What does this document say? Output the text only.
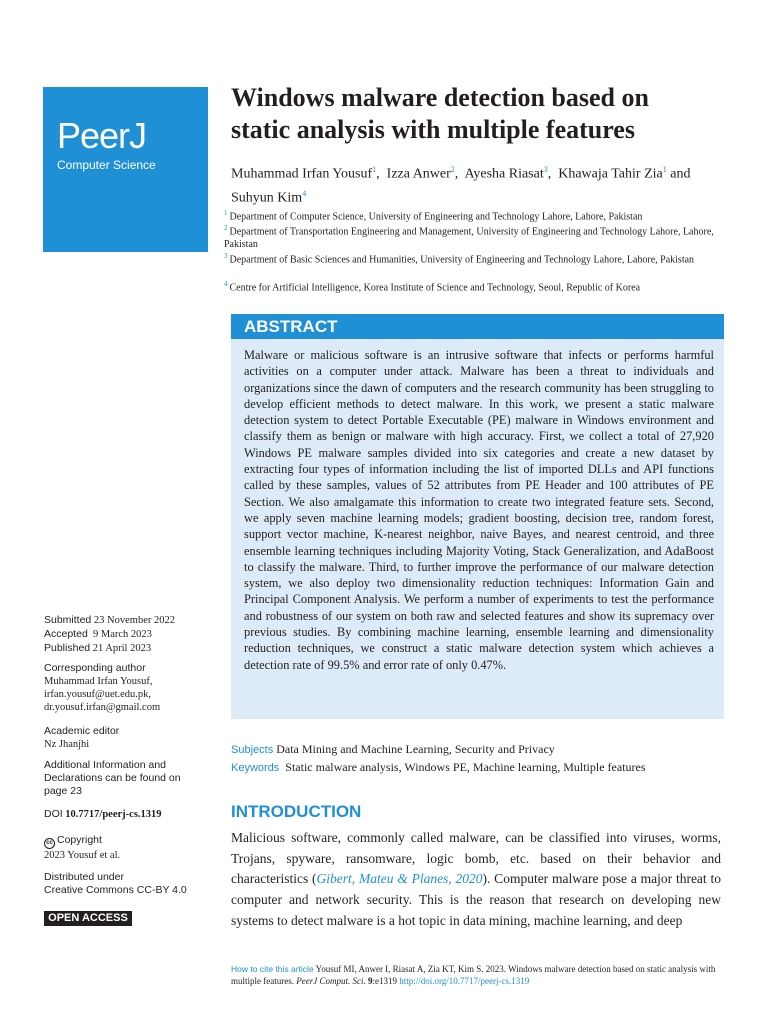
PeerJ
Computer Science
Windows malware detection based on
static analysis with multiple features
Muhammad Irfan Yousuf$^1$,  Izza Anwer$^2$,  Ayesha Riasat$^3$,  Khawaja Tahir Zia$^1$ and
Suhyun Kim$^4$
$^1$ Department of Computer Science, University of Engineering and Technology Lahore, Lahore, Pakistan
$^2$ Department of Transportation Engineering and Management, University of Engineering and Technology Lahore, Lahore, Pakistan
$^3$ Department of Basic Sciences and Humanities, University of Engineering and Technology Lahore, Lahore, Pakistan
$^4$ Centre for Artificial Intelligence, Korea Institute of Science and Technology, Seoul, Republic of Korea
ABSTRACT
Malware or malicious software is an intrusive software that infects or performs harmful activities on a computer under attack. Malware has been a threat to individuals and organizations since the dawn of computers and the research community has been struggling to develop efficient methods to detect malware. In this work, we present a static malware detection system to detect Portable Executable (PE) malware in Windows environment and classify them as benign or malware with high accuracy. First, we collect a total of 27,920 Windows PE malware samples divided into six categories and create a new dataset by extracting four types of information including the list of imported DLLs and API functions called by these samples, values of 52 attributes from PE Header and 100 attributes of PE Section. We also amalgamate this information to create two integrated feature sets. Second, we apply seven machine learning models; gradient boosting, decision tree, random forest, support vector machine, K-nearest neighbor, naive Bayes, and nearest centroid, and three ensemble learning techniques including Majority Voting, Stack Generalization, and AdaBoost to classify the malware. Third, to further improve the performance of our malware detection system, we also deploy two dimensionality reduction techniques: Information Gain and Principal Component Analysis. We perform a number of experiments to test the performance and robustness of our system on both raw and selected features and show its supremacy over previous studies. By combining machine learning, ensemble learning and dimensionality reduction techniques, we construct a static malware detection system which achieves a detection rate of 99.5% and error rate of only 0.47%.
Subjects Data Mining and Machine Learning, Security and Privacy
Keywords Static malware analysis, Windows PE, Machine learning, Multiple features
INTRODUCTION
Malicious software, commonly called malware, can be classified into viruses, worms, Trojans, spyware, ransomware, logic bomb, etc. based on their behavior and characteristics (Gibert, Mateu & Planes, 2020). Computer malware pose a major threat to computer and network security. This is the reason that research on developing new systems to detect malware is a hot topic in data mining, machine learning, and deep
Submitted 23 November 2022
Accepted 9 March 2023
Published 21 April 2023
Corresponding author
Muhammad Irfan Yousuf,
irfan.yousuf@uet.edu.pk,
dr.yousuf.irfan@gmail.com
Academic editor
Nz Jhanjhi
Additional Information and
Declarations can be found on
page 23
DOI 10.7717/peerj-cs.1319
cc Copyright
2023 Yousuf et al.
Distributed under
Creative Commons CC-BY 4.0
OPEN ACCESS
How to cite this article Yousuf MI, Anwer I, Riasat A, Zia KT, Kim S. 2023. Windows malware detection based on static analysis with multiple features. PeerJ Comput. Sci. 9:e1319 http://doi.org/10.7717/peerj-cs.1319
